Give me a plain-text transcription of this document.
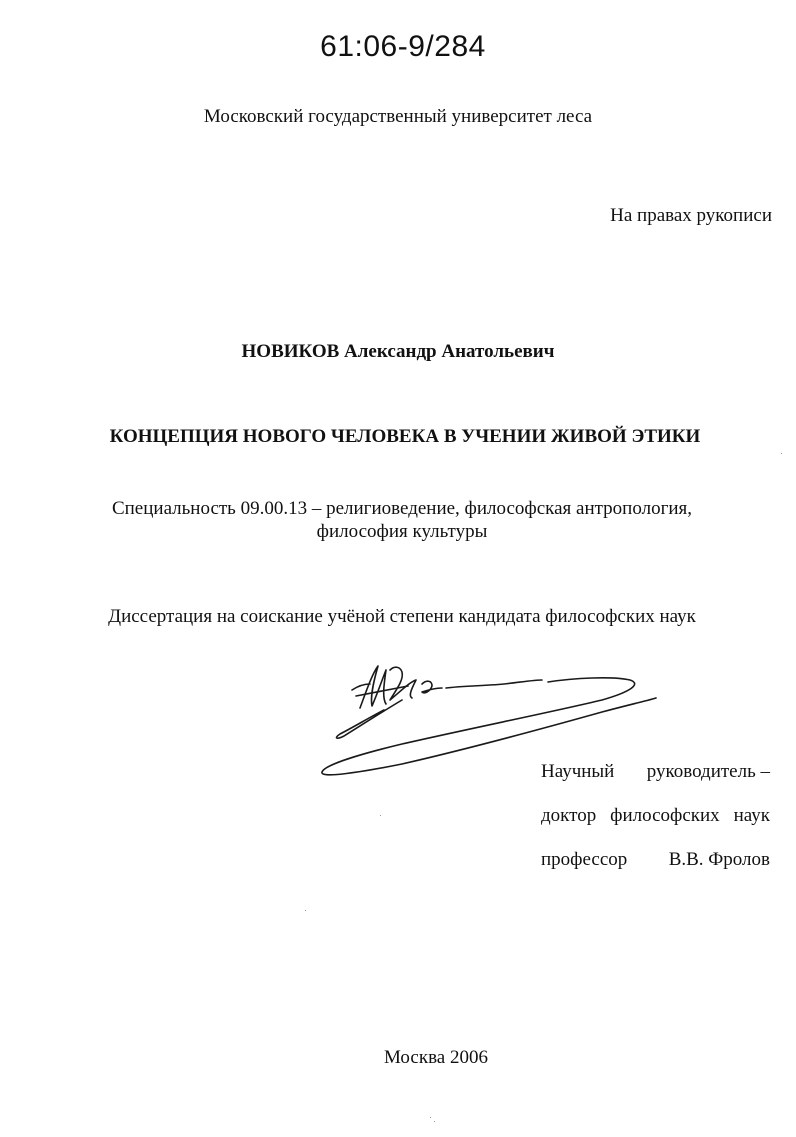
61:06-9/284
Московский государственный университет леса
На правах рукописи
НОВИКОВ Александр Анатольевич
КОНЦЕПЦИЯ НОВОГО ЧЕЛОВЕКА В УЧЕНИИ ЖИВОЙ ЭТИКИ
Специальность 09.00.13 – религиоведение, философская антропология,
философия культуры
Диссертация на соискание учёной степени кандидата философских наук
Научный руководитель –
доктор философских наук
профессор В.В. Фролов
Москва 2006
